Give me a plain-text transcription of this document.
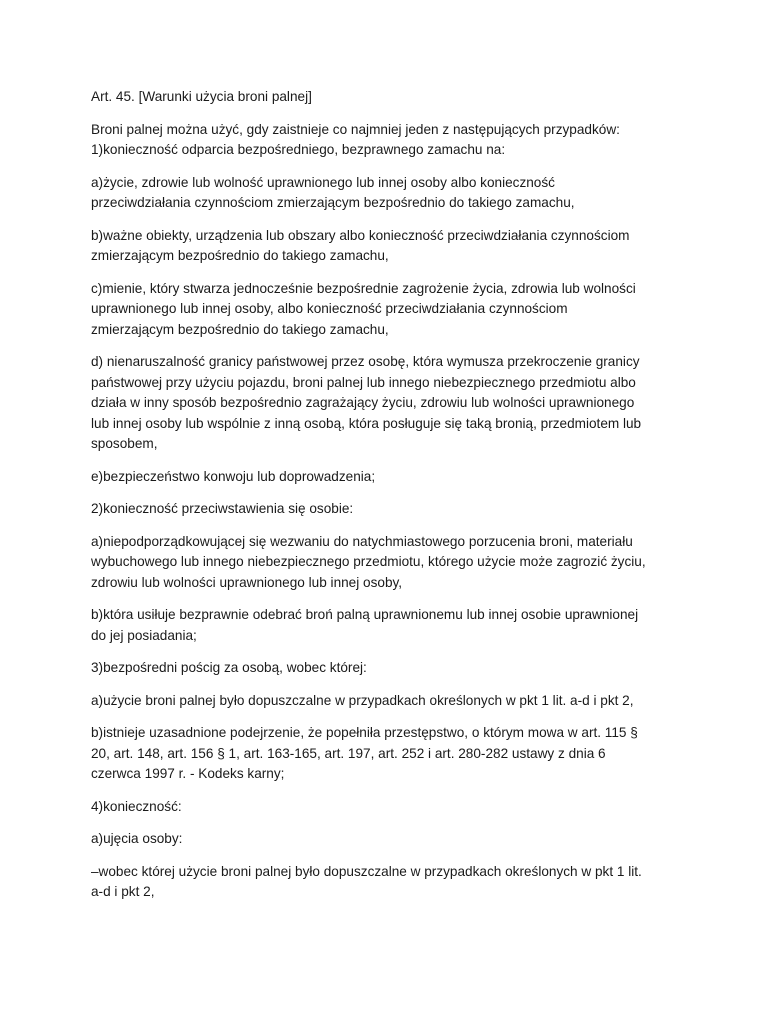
Art. 45. [Warunki użycia broni palnej]
Broni palnej można użyć, gdy zaistnieje co najmniej jeden z następujących przypadków:
1)konieczność odparcia bezpośredniego, bezprawnego zamachu na:
a)życie, zdrowie lub wolność uprawnionego lub innej osoby albo konieczność
przeciwdziałania czynnościom zmierzającym bezpośrednio do takiego zamachu,
b)ważne obiekty, urządzenia lub obszary albo konieczność przeciwdziałania czynnościom
zmierzającym bezpośrednio do takiego zamachu,
c)mienie, który stwarza jednocześnie bezpośrednie zagrożenie życia, zdrowia lub wolności
uprawnionego lub innej osoby, albo konieczność przeciwdziałania czynnościom
zmierzającym bezpośrednio do takiego zamachu,
d) nienaruszalność granicy państwowej przez osobę, która wymusza przekroczenie granicy
państwowej przy użyciu pojazdu, broni palnej lub innego niebezpiecznego przedmiotu albo
działa w inny sposób bezpośrednio zagrażający życiu, zdrowiu lub wolności uprawnionego
lub innej osoby lub wspólnie z inną osobą, która posługuje się taką bronią, przedmiotem lub
sposobem,
e)bezpieczeństwo konwoju lub doprowadzenia;
2)konieczność przeciwstawienia się osobie:
a)niepodporządkowującej się wezwaniu do natychmiastowego porzucenia broni, materiału
wybuchowego lub innego niebezpiecznego przedmiotu, którego użycie może zagrozić życiu,
zdrowiu lub wolności uprawnionego lub innej osoby,
b)która usiłuje bezprawnie odebrać broń palną uprawnionemu lub innej osobie uprawnionej
do jej posiadania;
3)bezpośredni pościg za osobą, wobec której:
a)użycie broni palnej było dopuszczalne w przypadkach określonych w pkt 1 lit. a-d i pkt 2,
b)istnieje uzasadnione podejrzenie, że popełniła przestępstwo, o którym mowa w art. 115 §
20, art. 148, art. 156 § 1, art. 163-165, art. 197, art. 252 i art. 280-282 ustawy z dnia 6
czerwca 1997 r. - Kodeks karny;
4)konieczność:
a)ujęcia osoby:
–wobec której użycie broni palnej było dopuszczalne w przypadkach określonych w pkt 1 lit.
a-d i pkt 2,
